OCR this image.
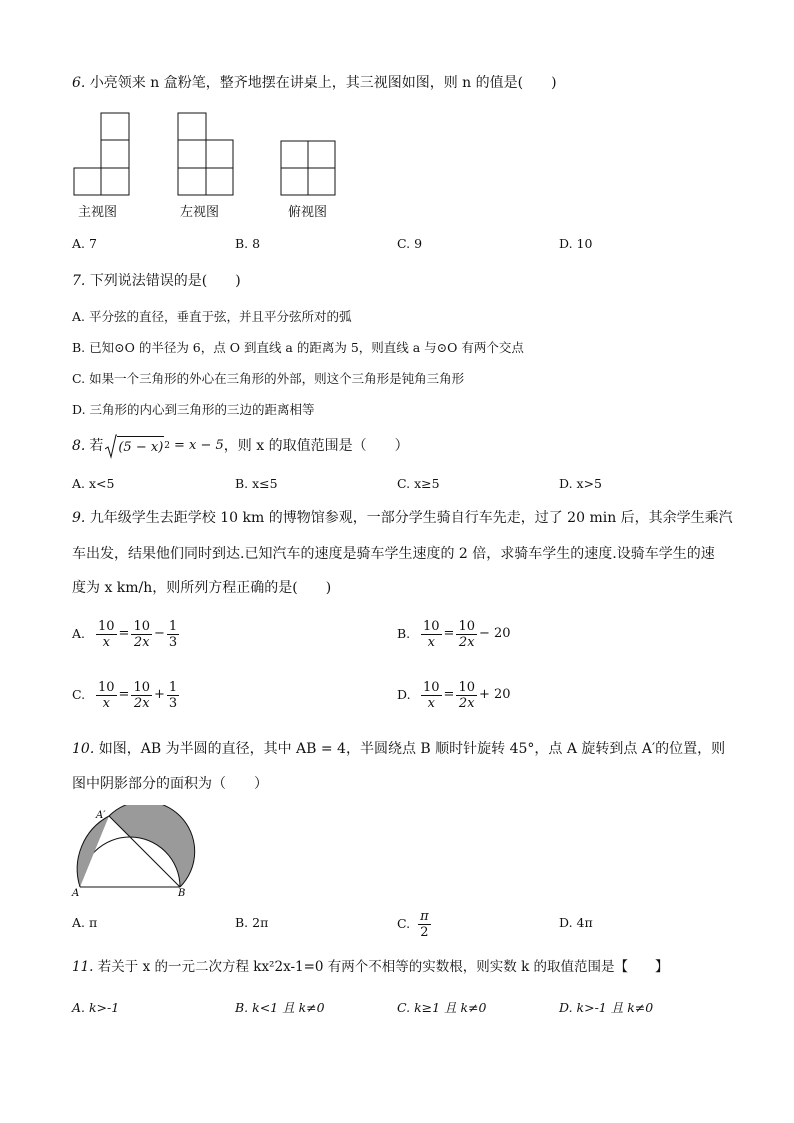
6. 小亮领来 n 盒粉笔，整齐地摆在讲桌上，其三视图如图，则 n 的值是(　　)
主视图	左视图	俯视图
A. 7	B. 8	C. 9	D. 10
7. 下列说法错误的是(　　)
A. 平分弦的直径，垂直于弦，并且平分弦所对的弧
B. 已知⊙O 的半径为 6，点 O 到直线 a 的距离为 5，则直线 a 与⊙O 有两个交点
C. 如果一个三角形的外心在三角形的外部，则这个三角形是钝角三角形
D. 三角形的内心到三角形的三边的距离相等
8. 若 (5 − x) 2 = x − 5 ，则 x 的取值范围是（　　）
A. x<5	B. x≤5	C. x≥5	D. x>5
9. 九年级学生去距学校 10 km 的博物馆参观，一部分学生骑自行车先走，过了 20 min 后，其余学生乘汽
车出发，结果他们同时到达.已知汽车的速度是骑车学生速度的 2 倍，求骑车学生的速度.设骑车学生的速
度为 x km/h，则所列方程正确的是(　　)
A. $\frac{10}{x} = \frac{10}{2x} - \frac{1}{3}$	B. $\frac{10}{x} = \frac{10}{2x} - 20$
C. $\frac{10}{x} = \frac{10}{2x} + \frac{1}{3}$	D. $\frac{10}{x} = \frac{10}{2x} + 20$
10. 如图，AB 为半圆的直径，其中 AB = 4，半圆绕点 B 顺时针旋转 45°，点 A 旋转到点 A′的位置，则
图中阴影部分的面积为（　　）
A′
A	B
A. π	B. 2π	C. $\frac{\pi}{2}$	D. 4π
11. 若关于 x 的一元二次方程 kx²2x-1=0 有两个不相等的实数根，则实数 k 的取值范围是【　　】
A. k>-1	B. k<1 且 k≠0	C. k≥1 且 k≠0	D. k>-1 且 k≠0
